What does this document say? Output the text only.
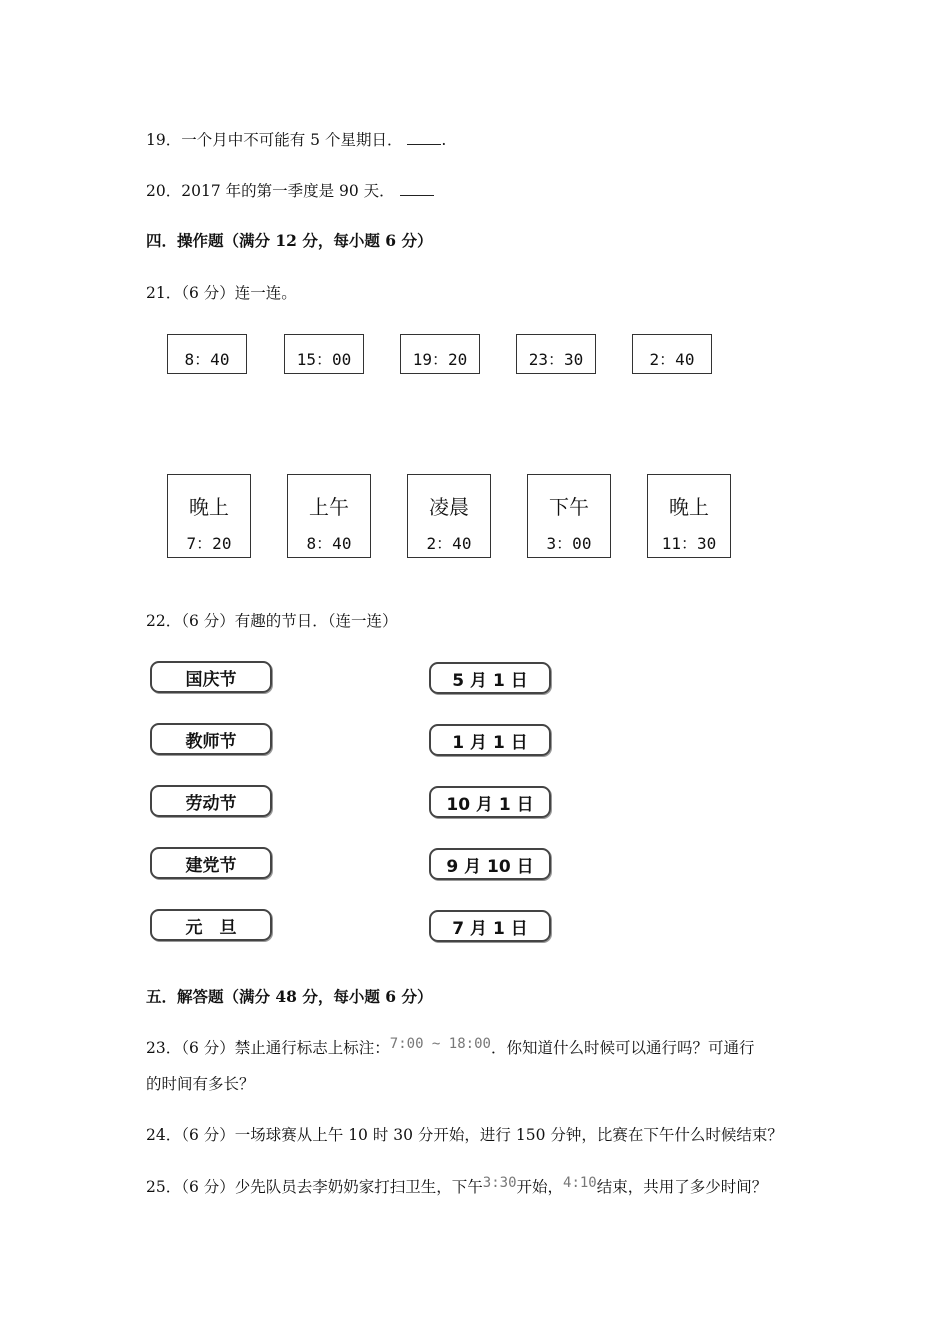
19．一个月中不可能有 5 个星期日．	.
20．2017 年的第一季度是 90 天．
四．操作题（满分 12 分，每小题 6 分）
21．（6 分）连一连。
8：40	15：00	19：20	23：30	2：40
晚上
7：20
上午
8：40
凌晨
2：40
下午
3：00
晚上
11：30
22．（6 分）有趣的节日．（连一连）
国庆节
教师节
劳动节
建党节
元　旦
5 月 1 日
1 月 1 日
10 月 1 日
9 月 10 日
7 月 1 日
五．解答题（满分 48 分，每小题 6 分）
23．（6 分）禁止通行标志上标注：7:00 ~ 18:00．你知道什么时候可以通行吗？可通行
的时间有多长？
24．（6 分）一场球赛从上午 10 时 30 分开始，进行 150 分钟，比赛在下午什么时候结束？
25．（6 分）少先队员去李奶奶家打扫卫生，下午3:30开始，4:10结束，共用了多少时间？
